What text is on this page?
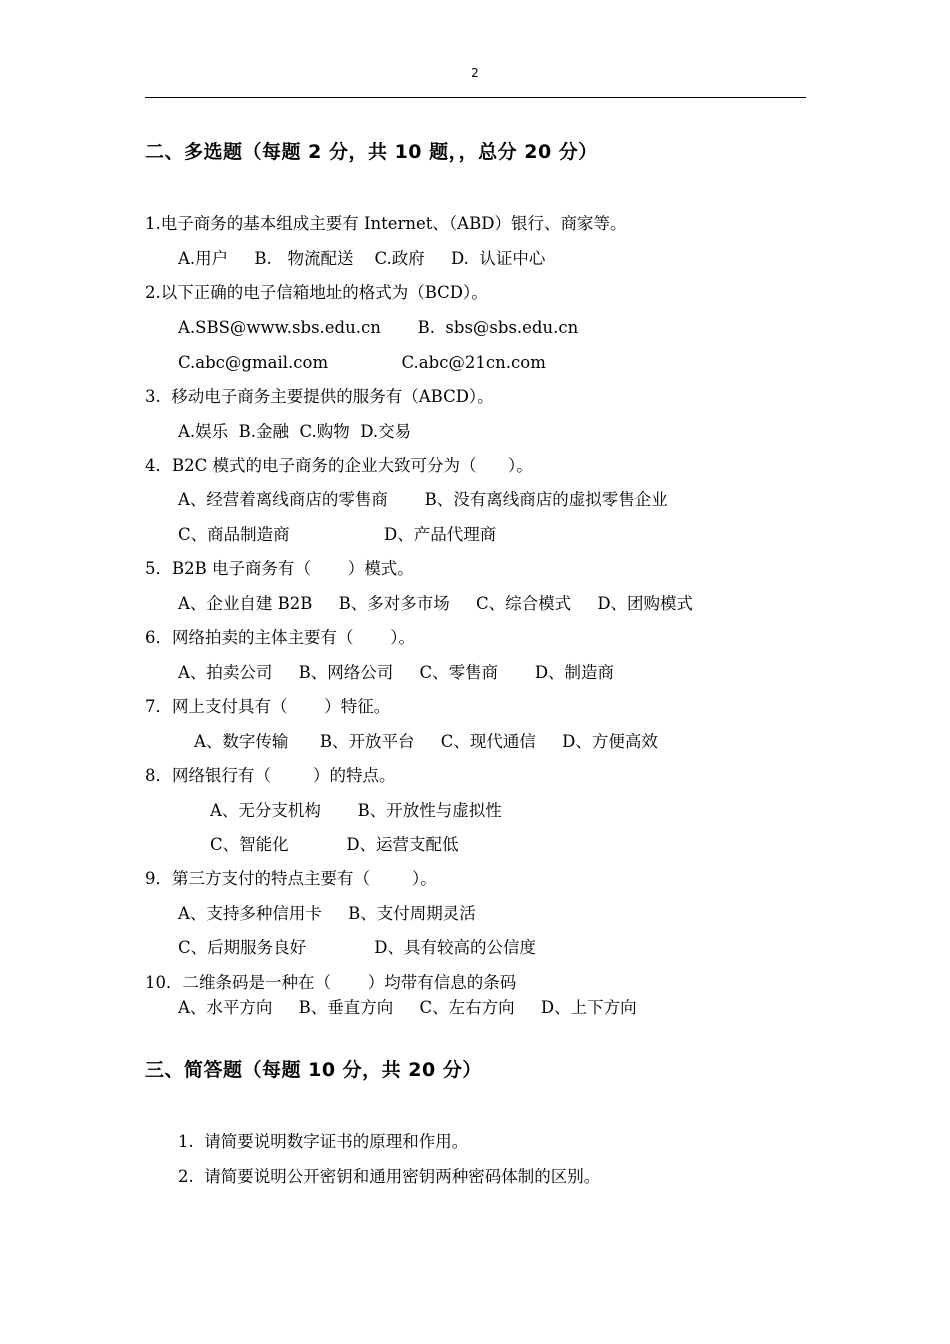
2
二、多选题（每题 2 分，共 10 题，，总分 20 分）
1.电子商务的基本组成主要有 Internet、（ABD）银行、商家等。
A.用户     B.   物流配送    C.政府     D.  认证中心
2.以下正确的电子信箱地址的格式为（BCD）。
A.SBS@www.sbs.edu.cn       B.  sbs@sbs.edu.cn
C.abc@gmail.com              C.abc@21cn.com
3.  移动电子商务主要提供的服务有（ABCD）。
A.娱乐  B.金融  C.购物  D.交易
4．B2C 模式的电子商务的企业大致可分为（      ）。
A、经营着离线商店的零售商       B、没有离线商店的虚拟零售企业
C、商品制造商                  D、产品代理商
5．B2B 电子商务有（       ）模式。
A、企业自建 B2B     B、多对多市场     C、综合模式     D、团购模式
6．网络拍卖的主体主要有（       ）。
A、拍卖公司     B、网络公司     C、零售商       D、制造商
7．网上支付具有（       ）特征。
A、数字传输      B、开放平台     C、现代通信     D、方便高效
8．网络银行有（        ）的特点。
A、无分支机构       B、开放性与虚拟性
C、智能化           D、运营支配低
9．第三方支付的特点主要有（        ）。
A、支持多种信用卡     B、支付周期灵活
C、后期服务良好             D、具有较高的公信度
10．二维条码是一种在（       ）均带有信息的条码
A、水平方向     B、垂直方向     C、左右方向     D、上下方向
三、简答题（每题 10 分，共 20 分）
1.  请简要说明数字证书的原理和作用。
2.  请简要说明公开密钥和通用密钥两种密码体制的区别。
